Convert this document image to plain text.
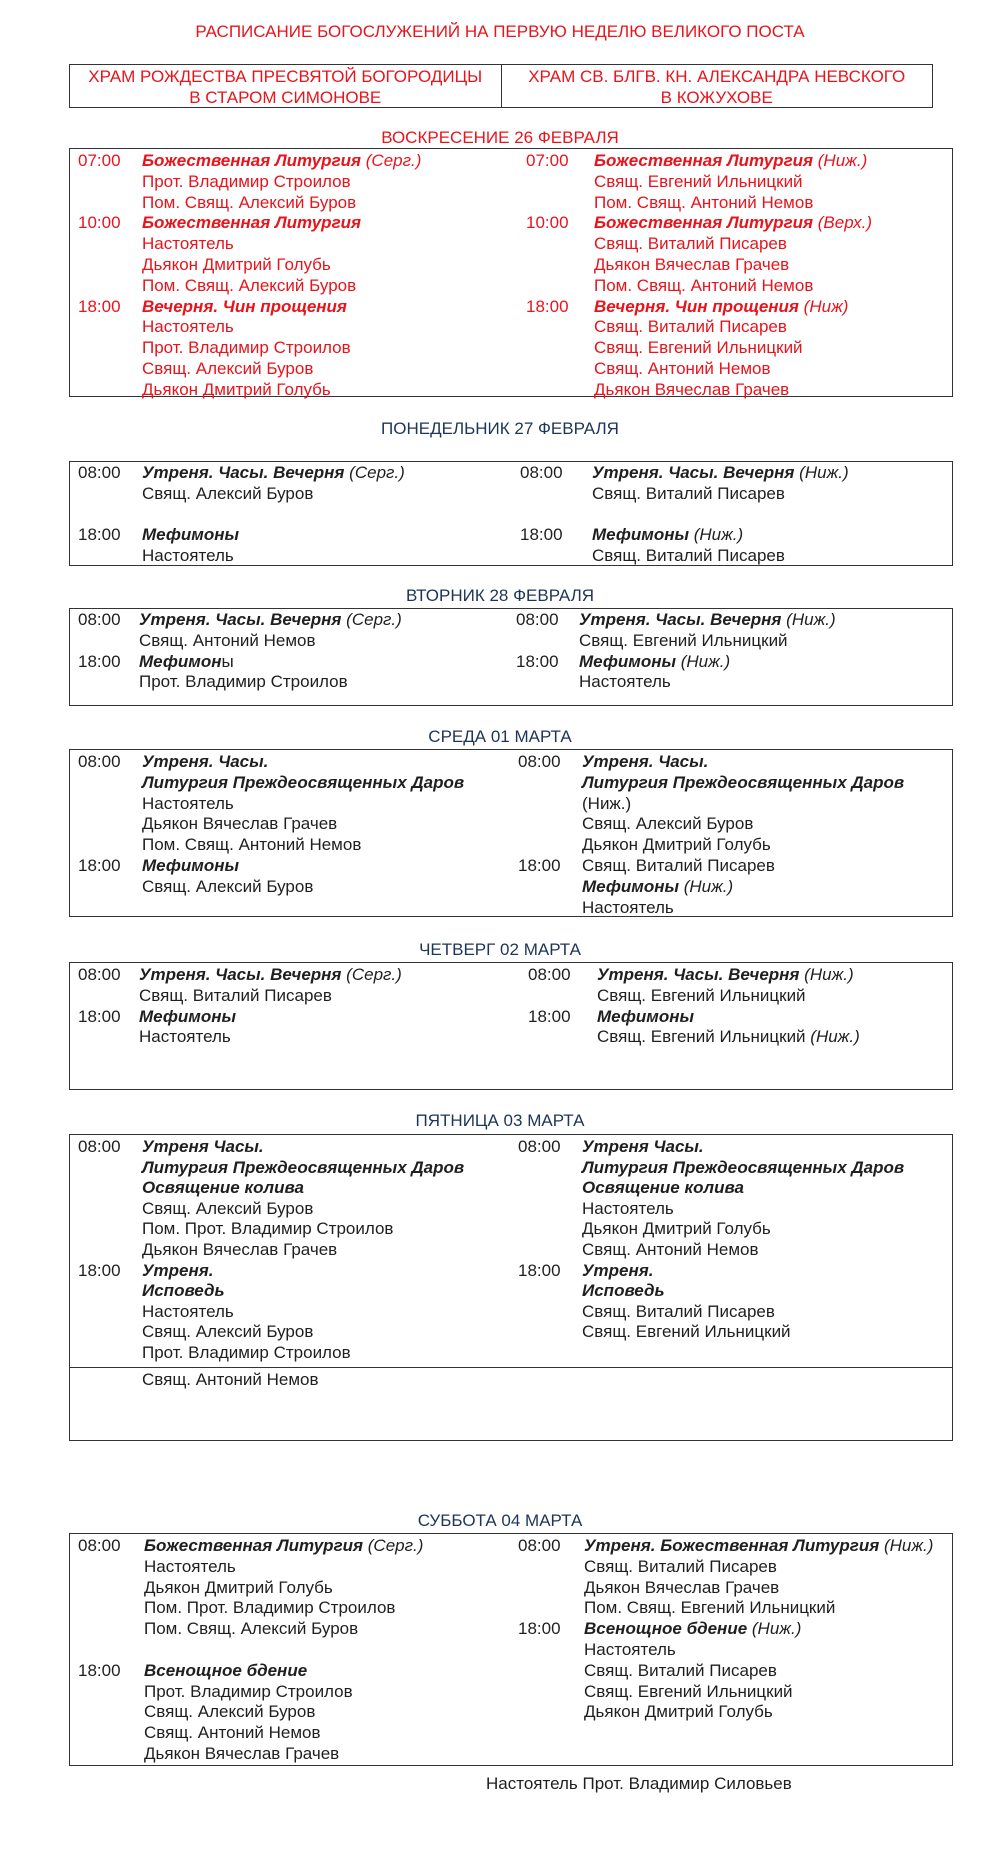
РАСПИСАНИЕ БОГОСЛУЖЕНИЙ НА ПЕРВУЮ НЕДЕЛЮ ВЕЛИКОГО ПОСТА
ХРАМ РОЖДЕСТВА ПРЕСВЯТОЙ БОГОРОДИЦЫ
В СТАРОМ СИМОНОВЕ
ХРАМ СВ. БЛГВ. КН. АЛЕКСАНДРА НЕВСКОГО
В КОЖУХОВЕ
ВОСКРЕСЕНИЕ 26 ФЕВРАЛЯ
07:00 Божественная Литургия (Серг.)
Прот. Владимир Строилов
Пом. Свящ. Алексий Буров
10:00 Божественная Литургия
Настоятель
Дьякон Дмитрий Голубь
Пом. Свящ. Алексий Буров
18:00 Вечерня. Чин прощения
Настоятель
Прот. Владимир Строилов
Свящ. Алексий Буров
Дьякон Дмитрий Голубь
07:00 Божественная Литургия (Ниж.)
Свящ. Евгений Ильницкий
Пом. Свящ. Антоний Немов
10:00 Божественная Литургия (Верх.)
Свящ. Виталий Писарев
Дьякон Вячеслав Грачев
Пом. Свящ. Антоний Немов
18:00 Вечерня. Чин прощения (Ниж)
Свящ. Виталий Писарев
Свящ. Евгений Ильницкий
Свящ. Антоний Немов
Дьякон Вячеслав Грачев
ПОНЕДЕЛЬНИК 27 ФЕВРАЛЯ
08:00 Утреня. Часы. Вечерня (Серг.)
Свящ. Алексий Буров
18:00 Мефимоны
Настоятель
08:00 Утреня. Часы. Вечерня (Ниж.)
Свящ. Виталий Писарев
18:00 Мефимоны (Ниж.)
Свящ. Виталий Писарев
ВТОРНИК 28 ФЕВРАЛЯ
08:00 Утреня. Часы. Вечерня (Серг.)
Свящ. Антоний Немов
18:00 Мефимоны
Прот. Владимир Строилов
08:00 Утреня. Часы. Вечерня (Ниж.)
Свящ. Евгений Ильницкий
18:00 Мефимоны (Ниж.)
Настоятель
СРЕДА 01 МАРТА
08:00 Утреня. Часы.
Литургия Преждеосвященных Даров
Настоятель
Дьякон Вячеслав Грачев
Пом. Свящ. Антоний Немов
18:00 Мефимоны
Свящ. Алексий Буров
08:00 Утреня. Часы.
Литургия Преждеосвященных Даров
(Ниж.)
Свящ. Алексий Буров
Дьякон Дмитрий Голубь
18:00 Свящ. Виталий Писарев
Мефимоны (Ниж.)
Настоятель
ЧЕТВЕРГ 02 МАРТА
08:00 Утреня. Часы. Вечерня (Серг.)
Свящ. Виталий Писарев
18:00 Мефимоны
Настоятель
08:00 Утреня. Часы. Вечерня (Ниж.)
Свящ. Евгений Ильницкий
18:00 Мефимоны
Свящ. Евгений Ильницкий (Ниж.)
ПЯТНИЦА 03 МАРТА
08:00 Утреня Часы.
Литургия Преждеосвященных Даров
Освящение колива
Свящ. Алексий Буров
Пом. Прот. Владимир Строилов
Дьякон Вячеслав Грачев
18:00 Утреня.
Исповедь
Настоятель
Свящ. Алексий Буров
Прот. Владимир Строилов
08:00 Утреня Часы.
Литургия Преждеосвященных Даров
Освящение колива
Настоятель
Дьякон Дмитрий Голубь
Свящ. Антоний Немов
18:00 Утреня.
Исповедь
Свящ. Виталий Писарев
Свящ. Евгений Ильницкий
Свящ. Антоний Немов
СУББОТА 04 МАРТА
08:00 Божественная Литургия (Серг.)
Настоятель
Дьякон Дмитрий Голубь
Пом. Прот. Владимир Строилов
Пом. Свящ. Алексий Буров
18:00 Всенощное бдение
Прот. Владимир Строилов
Свящ. Алексий Буров
Свящ. Антоний Немов
Дьякон Вячеслав Грачев
08:00 Утреня. Божественная Литургия (Ниж.)
Свящ. Виталий Писарев
Дьякон Вячеслав Грачев
Пом. Свящ. Евгений Ильницкий
18:00 Всенощное бдение (Ниж.)
Настоятель
Свящ. Виталий Писарев
Свящ. Евгений Ильницкий
Дьякон Дмитрий Голубь
Настоятель Прот. Владимир Силовьев
